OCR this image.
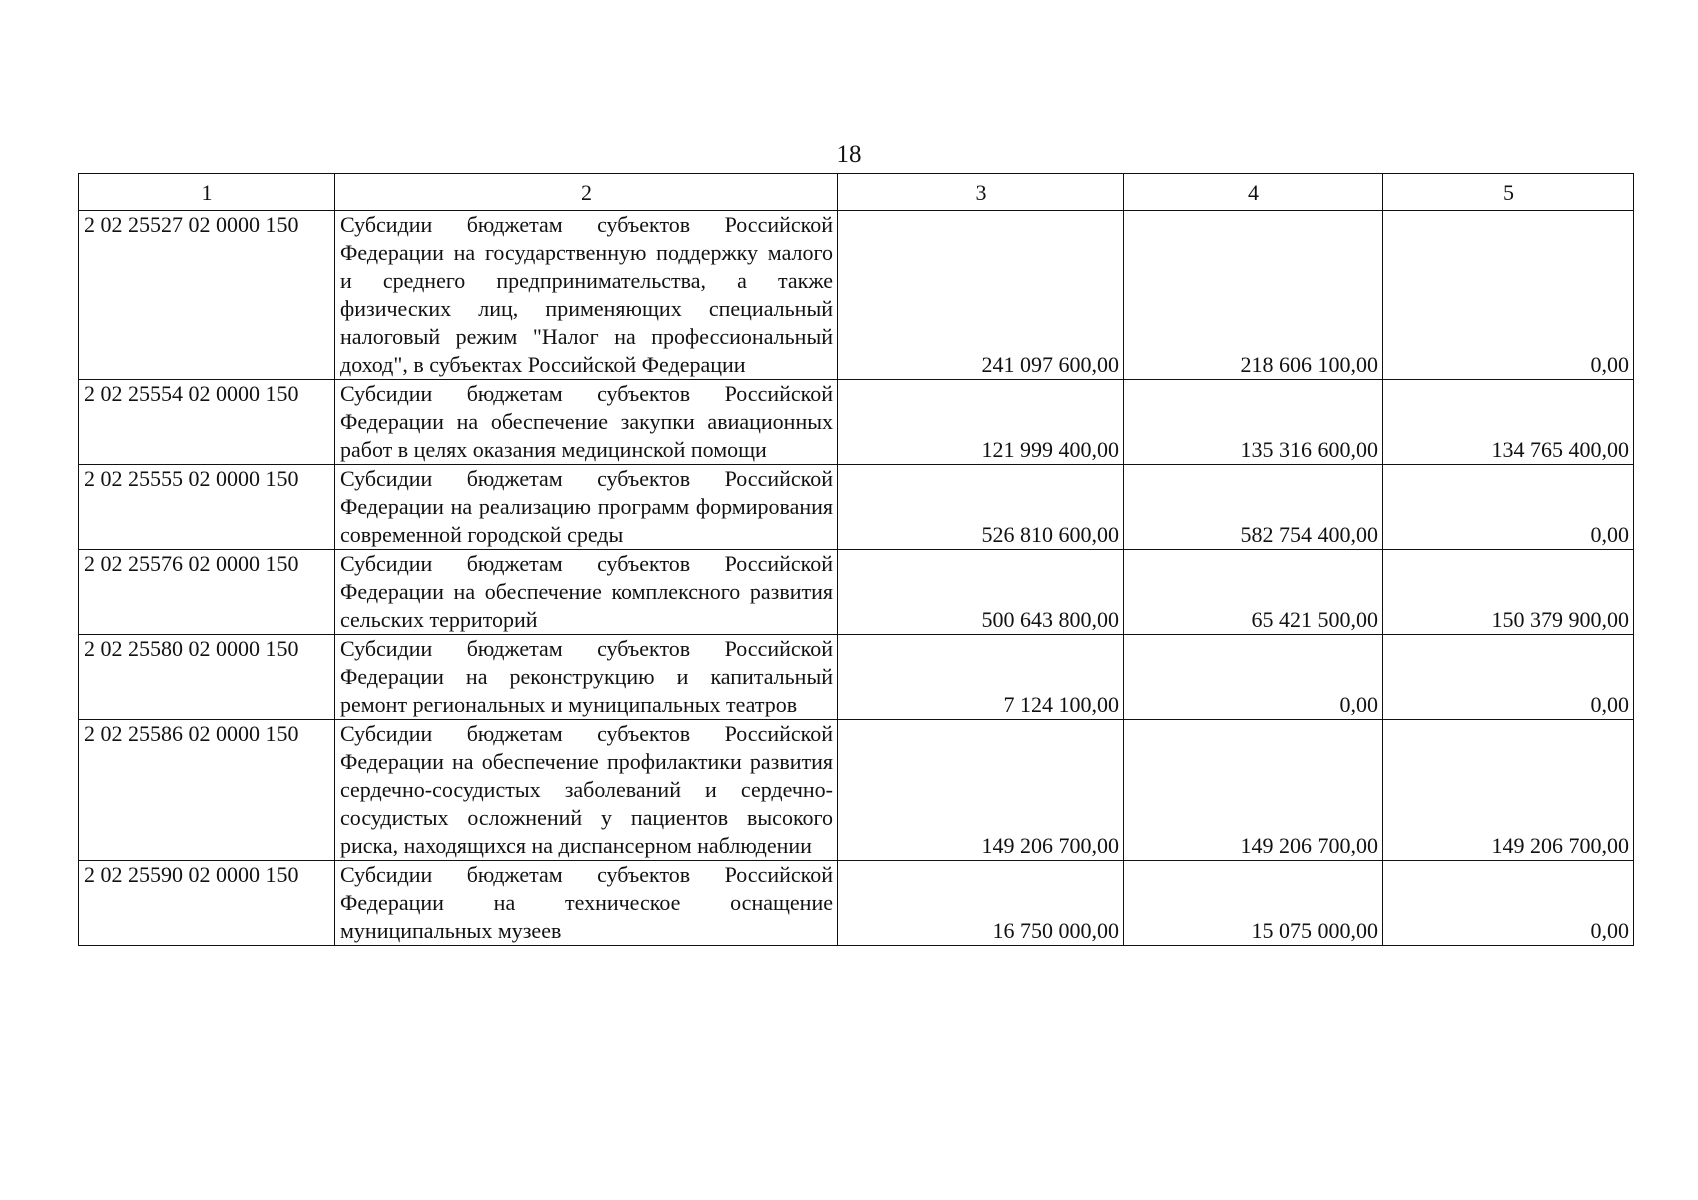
18
1	2	3	4	5
2 02 25527 02 0000 150	Субсидии бюджетам субъектов Российской Федерации на государственную поддержку малого и среднего предпринимательства, а также физических лиц, применяющих специальный налоговый режим "Налог на профессиональный доход", в субъектах Российской Федерации	241 097 600,00	218 606 100,00	0,00
2 02 25554 02 0000 150	Субсидии бюджетам субъектов Российской Федерации на обеспечение закупки авиационных работ в целях оказания медицинской помощи	121 999 400,00	135 316 600,00	134 765 400,00
2 02 25555 02 0000 150	Субсидии бюджетам субъектов Российской Федерации на реализацию программ формирования современной городской среды	526 810 600,00	582 754 400,00	0,00
2 02 25576 02 0000 150	Субсидии бюджетам субъектов Российской Федерации на обеспечение комплексного развития сельских территорий	500 643 800,00	65 421 500,00	150 379 900,00
2 02 25580 02 0000 150	Субсидии бюджетам субъектов Российской Федерации на реконструкцию и капитальный ремонт региональных и муниципальных театров	7 124 100,00	0,00	0,00
2 02 25586 02 0000 150	Субсидии бюджетам субъектов Российской Федерации на обеспечение профилактики развития сердечно-сосудистых заболеваний и сердечно-сосудистых осложнений у пациентов высокого риска, находящихся на диспансерном наблюдении	149 206 700,00	149 206 700,00	149 206 700,00
2 02 25590 02 0000 150	Субсидии бюджетам субъектов Российской Федерации на техническое оснащение муниципальных музеев	16 750 000,00	15 075 000,00	0,00
